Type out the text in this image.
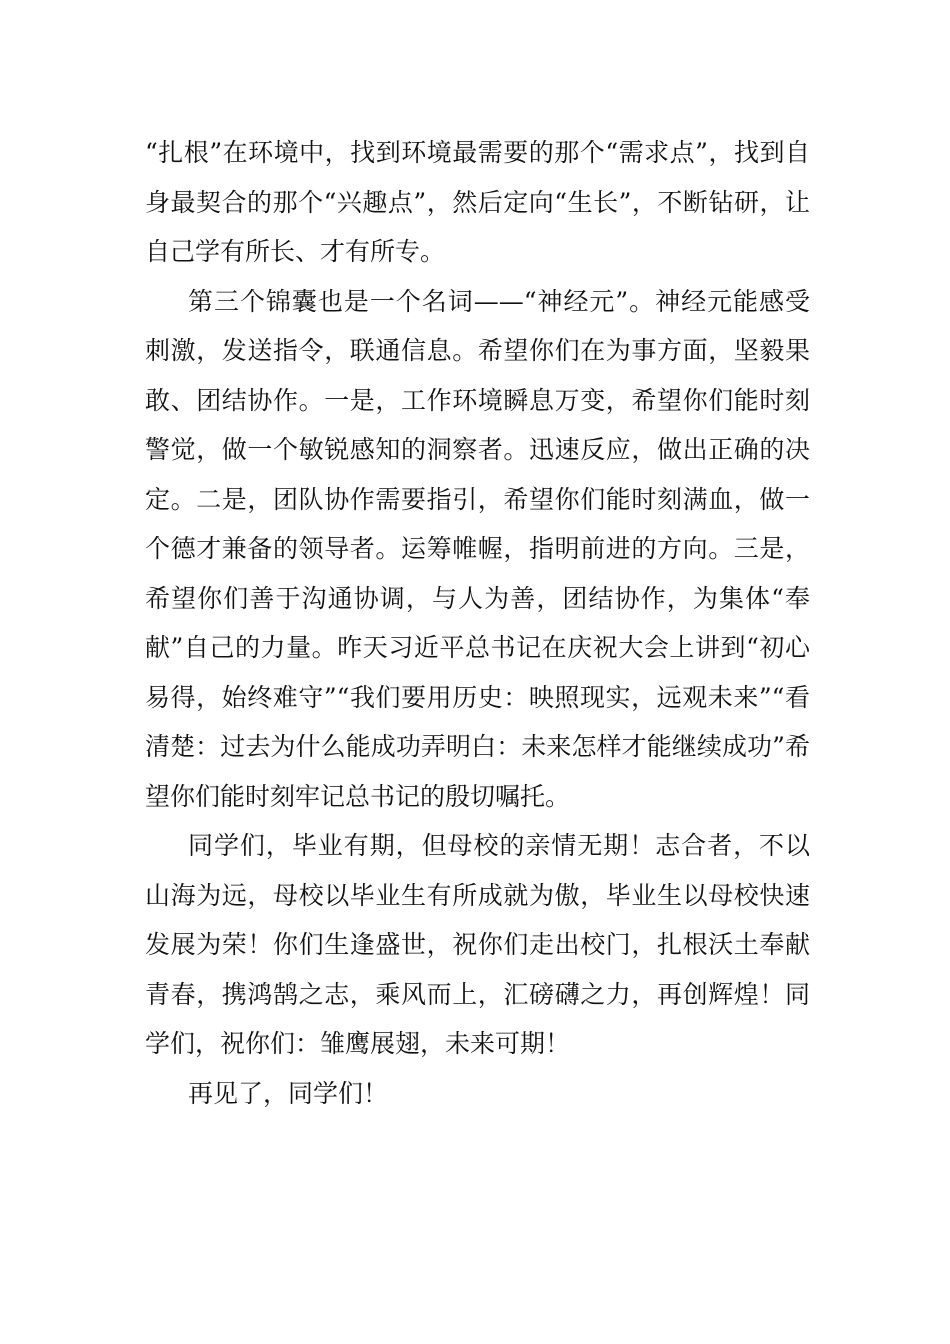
“扎根”在环境中，找到环境最需要的那个“需求点”，找到自身最契合的那个“兴趣点”，然后定向“生长”，不断钻研，让自己学有所长、才有所专。

第三个锦囊也是一个名词——“神经元”。神经元能感受刺激，发送指令，联通信息。希望你们在为事方面，坚毅果敢、团结协作。一是，工作环境瞬息万变，希望你们能时刻警觉，做一个敏锐感知的洞察者。迅速反应，做出正确的决定。二是，团队协作需要指引，希望你们能时刻满血，做一个德才兼备的领导者。运筹帷幄，指明前进的方向。三是，希望你们善于沟通协调，与人为善，团结协作，为集体“奉献”自己的力量。昨天习近平总书记在庆祝大会上讲到“初心易得，始终难守”“我们要用历史：映照现实，远观未来”“看清楚：过去为什么能成功弄明白：未来怎样才能继续成功”希望你们能时刻牢记总书记的殷切嘱托。

同学们，毕业有期，但母校的亲情无期！志合者，不以山海为远，母校以毕业生有所成就为傲，毕业生以母校快速发展为荣！你们生逢盛世，祝你们走出校门，扎根沃土奉献青春，携鸿鹄之志，乘风而上，汇磅礴之力，再创辉煌！同学们，祝你们：雏鹰展翅，未来可期！

再见了，同学们！
